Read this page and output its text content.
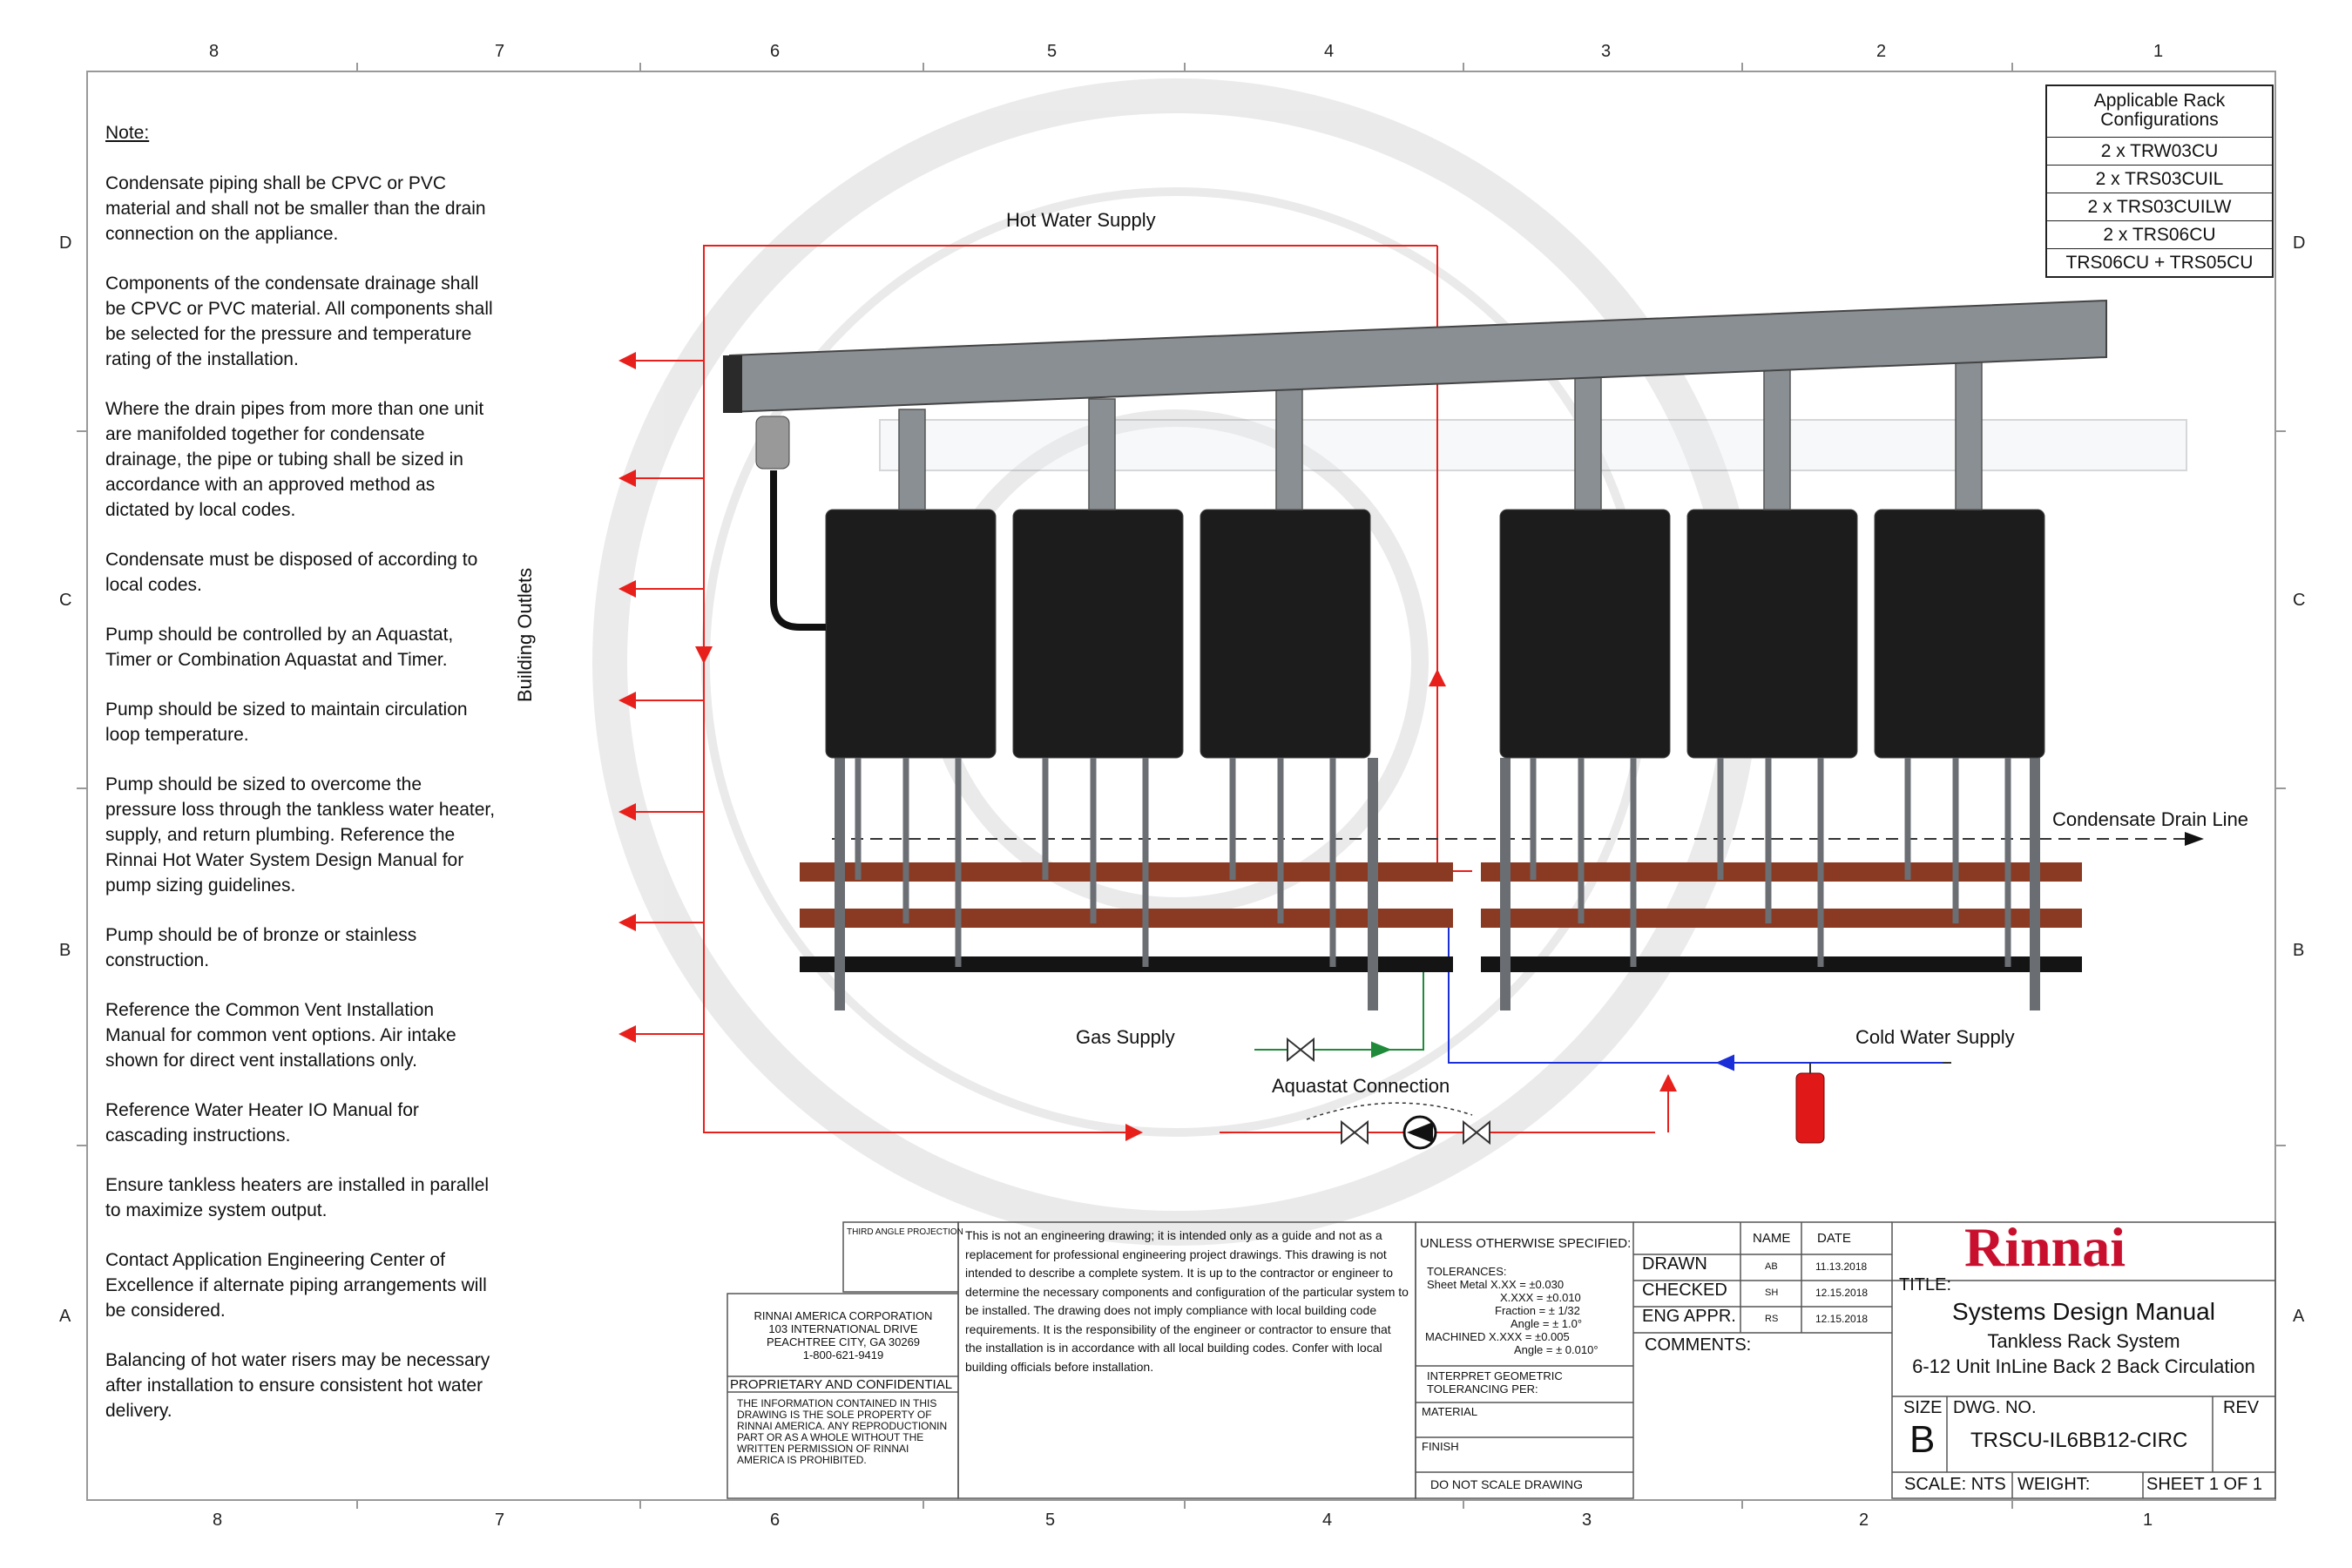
8	7	6	5	4	3	2	1
8	7	6	5	4	3	2	1
D
C
B
A
D
C
B
A
Note:

Condensate piping shall be CPVC or PVC material and shall not be smaller than the drain connection on the appliance.

Components of the condensate drainage shall be CPVC or PVC material. All components shall be selected for the pressure and temperature rating of the installation.

Where the drain pipes from more than one unit are manifolded together for condensate drainage, the pipe or tubing shall be sized in accordance with an approved method as dictated by local codes.

Condensate must be disposed of according to local codes.

Pump should be controlled by an Aquastat, Timer or Combination Aquastat and Timer.

Pump should be sized to maintain circulation loop temperature.

Pump should be sized to overcome the pressure loss through the tankless water heater, supply, and return plumbing. Reference the Rinnai Hot Water System Design Manual for pump sizing guidelines.

Pump should be of bronze or stainless construction.

Reference the Common Vent Installation Manual for common vent options. Air intake shown for direct vent installations only.

Reference Water Heater IO Manual for cascading instructions.

Ensure tankless heaters are installed in parallel to maximize system output.

Contact Application Engineering Center of Excellence if alternate piping arrangements will be considered.

Balancing of hot water risers may be necessary after installation to ensure consistent hot water delivery.

Applicable Rack Configurations
2 x TRW03CU
2 x TRS03CUIL
2 x TRS03CUILW
2 x TRS06CU
TRS06CU + TRS05CU
Hot Water Supply
Building Outlets
Condensate Drain Line
Gas Supply	Cold Water Supply
Aquastat Connection
THIRD ANGLE PROJECTION
RINNAI AMERICA CORPORATION
103 INTERNATIONAL DRIVE
PEACHTREE CITY, GA 30269
1-800-621-9419
PROPRIETARY AND CONFIDENTIAL
THE INFORMATION CONTAINED IN THIS DRAWING IS THE SOLE PROPERTY OF RINNAI AMERICA. ANY REPRODUCTIONIN PART OR AS A WHOLE WITHOUT THE WRITTEN PERMISSION OF RINNAI AMERICA IS PROHIBITED.
This is not an engineering drawing; it is intended only as a guide and not as a replacement for professional engineering project drawings. This drawing is not intended to describe a complete system. It is up to the contractor or engineer to determine the necessary components and configuration of the particular system to be installed. The drawing does not imply compliance with local building code requirements. It is the responsibility of the engineer or contractor to ensure that the installation is in accordance with all local building codes. Confer with local building officials before installation.
UNLESS OTHERWISE SPECIFIED:
TOLERANCES:
Sheet Metal X.XX = ±0.030
X.XXX = ±0.010
Fraction = ± 1/32
Angle = ± 1.0°
MACHINED X.XXX = ±0.005
Angle = ± 0.010°
INTERPRET GEOMETRIC TOLERANCING PER:
MATERIAL
FINISH
DO NOT SCALE DRAWING
NAME DATE
DRAWN	AB	11.13.2018
CHECKED	SH	12.15.2018
ENG APPR.	RS	12.15.2018
COMMENTS:
Rinnai
TITLE:
Systems Design Manual
Tankless Rack System
6-12 Unit InLine Back 2 Back Circulation
SIZE
B
DWG. NO.
TRSCU-IL6BB12-CIRC
REV
SCALE: NTS WEIGHT:	SHEET 1 OF 1
